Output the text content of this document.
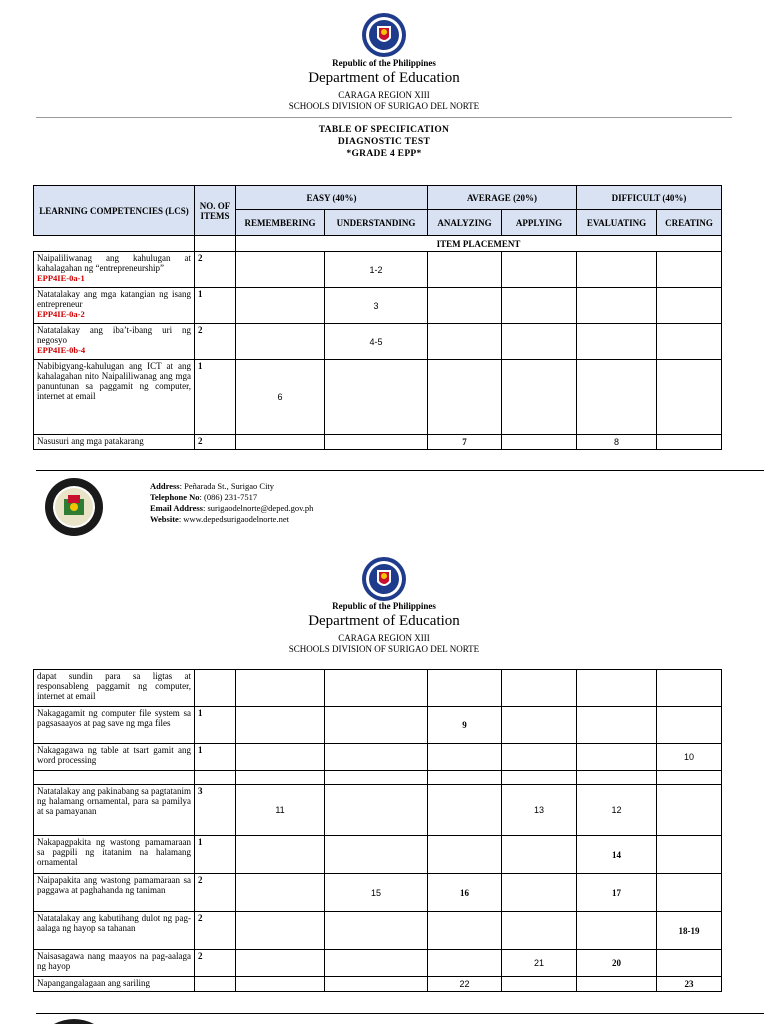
Republic of the Philippines
Department of Education
CARAGA REGION XIII
SCHOOLS DIVISION OF SURIGAO DEL NORTE
TABLE OF SPECIFICATION
DIAGNOSTIC TEST
*GRADE 4 EPP*
LEARNING COMPETENCIES (LCS)	NO. OF ITEMS	EASY (40%)		AVERAGE (20%)		DIFFICULT (40%)	
		REMEMBERING	UNDERSTANDING	ANALYZING	APPLYING	EVALUATING	CREATING
		ITEM PLACEMENT					
Naipaliliwanag ang kahulugan at kahalagahan ng “entrepreneurship”
EPP4IE-0a-1	2		1-2				
Natatalakay ang mga katangian ng isang entrepreneur
EPP4IE-0a-2	1		3				
Natatalakay ang iba’t-ibang uri ng negosyo
EPP4IE-0b-4	2		4-5				
Nabibigyang-kahulugan ang ICT at ang kahalagahan nito Naipaliliwanag ang mga panuntunan sa paggamit ng computer, internet at email	1	6					
Nasusuri ang mga patakarang	2			7		8	
Address: Peñarada St., Surigao City
Telephone No: (086) 231-7517
Email Address: surigaodelnorte@deped.gov.ph
Website: www.depedsurigaodelnorte.net
Republic of the Philippines
Department of Education
CARAGA REGION XIII
SCHOOLS DIVISION OF SURIGAO DEL NORTE
dapat sundin para sa ligtas at responsableng paggamit ng computer, internet at email							
Nakagagamit ng computer file system sa pagsasaayos at pag save ng mga files	1			9			
Nakagagawa ng table at tsart gamit ang word processing	1						10

Natatalakay ang pakinabang sa pagtatanim ng halamang ornamental, para sa pamilya at sa pamayanan	3	11			13	12	
Nakapagpakita ng wastong pamamaraan sa pagpili ng itatanim na halamang ornamental	1					14	
Naipapakita ang wastong pamamaraan sa paggawa at paghahanda ng taniman	2		15	16		17	
Natatalakay ang kabutihang dulot ng pag-aalaga ng hayop sa tahanan	2						18-19
Naisasagawa nang maayos na pag-aalaga ng hayop	2				21	20	
Napangangalagaan ang sariling				22			23
